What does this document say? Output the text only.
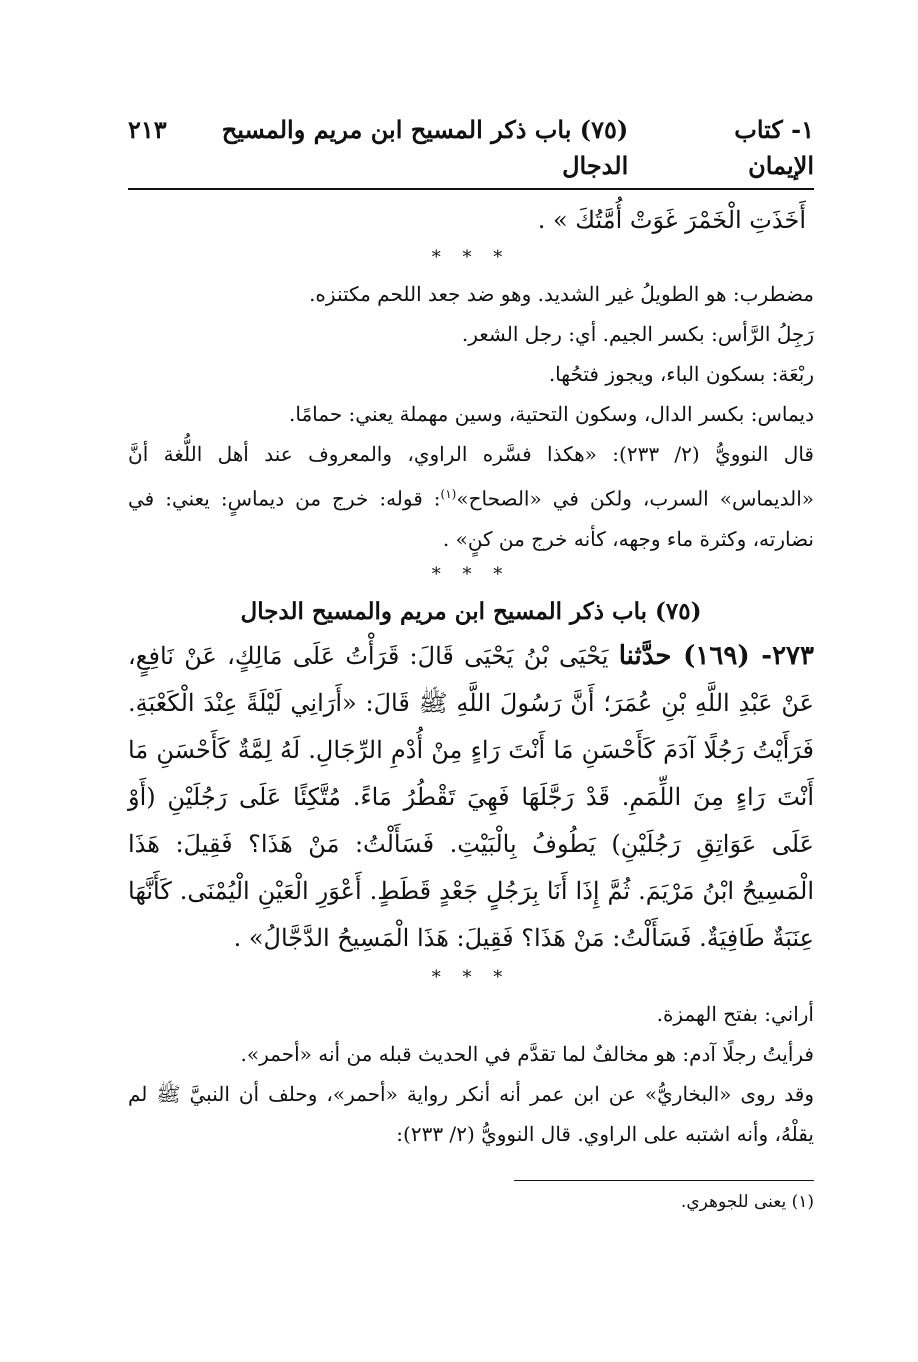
١- كتاب الإيمان
(٧٥) باب ذكر المسيح ابن مريم والمسيح الدجال
٢١٣

أَخَذَتِ الْخَمْرَ غَوَتْ أُمَّتُكَ » .

* * *

مضطرب: هو الطويلُ غير الشديد. وهو ضد جعد اللحم مكتنزه.

رَجِلُ الرَّأس: بكسر الجيم. أي: رجل الشعر.

ربْعَة: بسكون الباء، ويجوز فتحُها.

ديماس: بكسر الدال، وسكون التحتية، وسين مهملة يعني: حمامًا.

قال النوويُّ (٢/ ٢٣٣): «هكذا فسَّره الراوي، والمعروف عند أهل اللُّغة أنَّ «الديماس» السرب، ولكن في «الصحاح»$^{(١)}$: قوله: خرج من ديماسٍ: يعني: في نضارته، وكثرة ماء وجهه، كأنه خرج من كنٍ» .

* * *
(٧٥) باب ذكر المسيح ابن مريم والمسيح الدجال

٢٧٣- (١٦٩) حدَّثنا يَحْيَى بْنُ يَحْيَى قَالَ: قَرَأْتُ عَلَى مَالِكٍ، عَنْ نَافِعٍ، عَنْ عَبْدِ اللَّهِ بْنِ عُمَرَ؛ أَنَّ رَسُولَ اللَّهِ ﷺ قَالَ: «أَرَانِي لَيْلَةً عِنْدَ الْكَعْبَةِ. فَرَأَيْتُ رَجُلًا آدَمَ كَأَحْسَنِ مَا أَنْتَ رَاءٍ مِنْ أُدْمِ الرِّجَالِ. لَهُ لِمَّةٌ كَأَحْسَنِ مَا أَنْتَ رَاءٍ مِنَ اللِّمَمِ. قَدْ رَجَّلَهَا فَهِيَ تَقْطُرُ مَاءً. مُتَّكِئًا عَلَى رَجُلَيْنِ (أَوْ عَلَى عَوَاتِقِ رَجُلَيْنِ) يَطُوفُ بِالْبَيْتِ. فَسَأَلْتُ: مَنْ هَذَا؟ فَقِيلَ: هَذَا الْمَسِيحُ ابْنُ مَرْيَمَ. ثُمَّ إِذَا أَنَا بِرَجُلٍ جَعْدٍ قَطَطٍ. أَعْوَرِ الْعَيْنِ الْيُمْنَى. كَأَنَّهَا عِنَبَةٌ طَافِيَةٌ. فَسَأَلْتُ: مَنْ هَذَا؟ فَقِيلَ: هَذَا الْمَسِيحُ الدَّجَّالُ» .

* * *

أراني: بفتح الهمزة.

فرأيتُ رجلًا آدم: هو مخالفٌ لما تقدَّم في الحديث قبله من أنه «أحمر».

وقد روى «البخاريُّ» عن ابن عمر أنه أنكر رواية «أحمر»، وحلف أن النبيَّ ﷺ لم يقلْهُ، وأنه اشتبه على الراوي. قال النوويُّ (٢/ ٢٣٣):

(١) يعنى للجوهري.
